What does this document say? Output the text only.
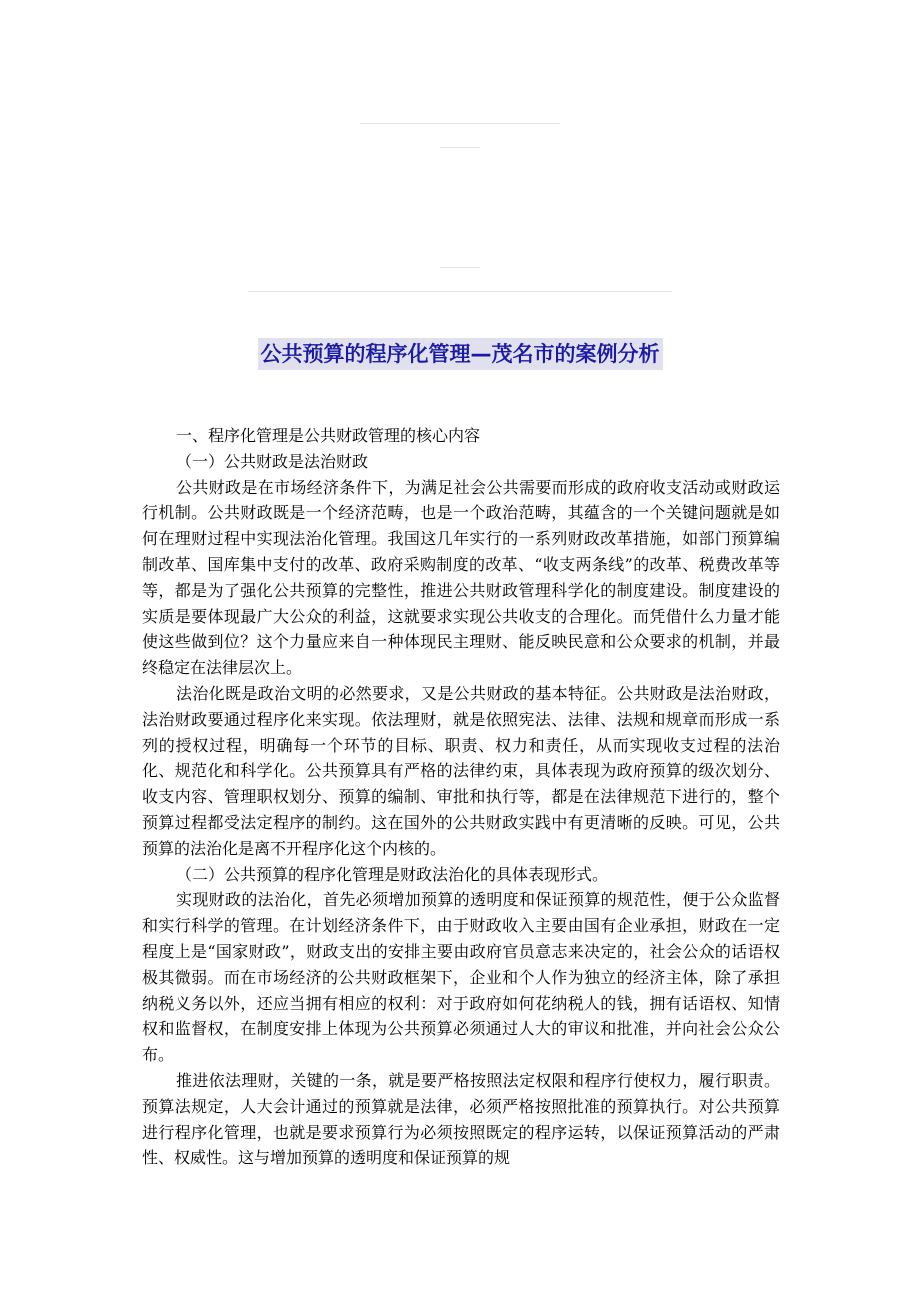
公共预算的程序化管理—茂名市的案例分析

一、程序化管理是公共财政管理的核心内容

（一）公共财政是法治财政

公共财政是在市场经济条件下，为满足社会公共需要而形成的政府收支活动或财政运行机制。公共财政既是一个经济范畴，也是一个政治范畴，其蕴含的一个关键问题就是如何在理财过程中实现法治化管理。我国这几年实行的一系列财政改革措施，如部门预算编制改革、国库集中支付的改革、政府采购制度的改革、“收支两条线”的改革、税费改革等等，都是为了强化公共预算的完整性，推进公共财政管理科学化的制度建设。制度建设的实质是要体现最广大公众的利益，这就要求实现公共收支的合理化。而凭借什么力量才能使这些做到位？这个力量应来自一种体现民主理财、能反映民意和公众要求的机制，并最终稳定在法律层次上。

法治化既是政治文明的必然要求，又是公共财政的基本特征。公共财政是法治财政，法治财政要通过程序化来实现。依法理财，就是依照宪法、法律、法规和规章而形成一系列的授权过程，明确每一个环节的目标、职责、权力和责任，从而实现收支过程的法治化、规范化和科学化。公共预算具有严格的法律约束，具体表现为政府预算的级次划分、收支内容、管理职权划分、预算的编制、审批和执行等，都是在法律规范下进行的，整个预算过程都受法定程序的制约。这在国外的公共财政实践中有更清晰的反映。可见，公共预算的法治化是离不开程序化这个内核的。

（二）公共预算的程序化管理是财政法治化的具体表现形式。

实现财政的法治化，首先必须增加预算的透明度和保证预算的规范性，便于公众监督和实行科学的管理。在计划经济条件下，由于财政收入主要由国有企业承担，财政在一定程度上是“国家财政”，财政支出的安排主要由政府官员意志来决定的，社会公众的话语权极其微弱。而在市场经济的公共财政框架下，企业和个人作为独立的经济主体，除了承担纳税义务以外，还应当拥有相应的权利：对于政府如何花纳税人的钱，拥有话语权、知情权和监督权，在制度安排上体现为公共预算必须通过人大的审议和批准，并向社会公众公布。

推进依法理财，关键的一条，就是要严格按照法定权限和程序行使权力，履行职责。预算法规定，人大会计通过的预算就是法律，必须严格按照批准的预算执行。对公共预算进行程序化管理，也就是要求预算行为必须按照既定的程序运转，以保证预算活动的严肃性、权威性。这与增加预算的透明度和保证预算的规
